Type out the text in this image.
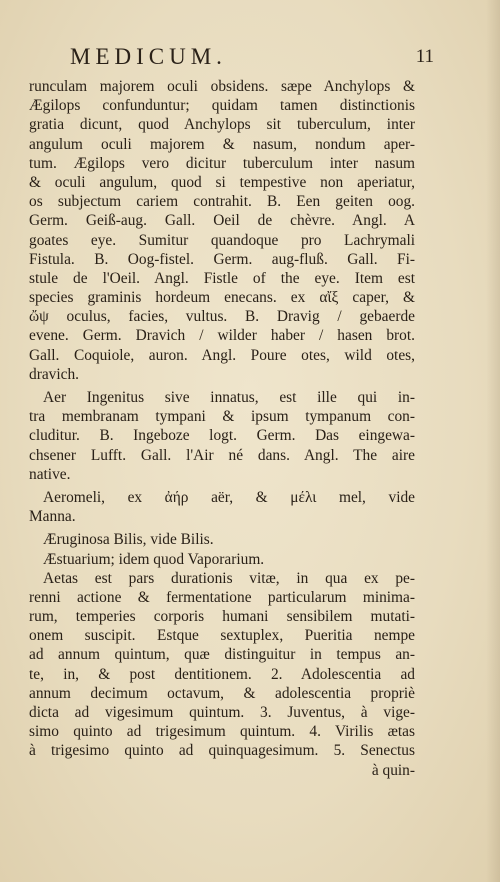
MEDICUM.	11
runculam majorem oculi obsidens. sæpe Anchylops &
Ægilops confunduntur; quidam tamen distinctionis
gratia dicunt, quod Anchylops sit tuberculum, inter
angulum oculi majorem & nasum, nondum aper-
tum. Ægilops vero dicitur tuberculum inter nasum
& oculi angulum, quod si tempestive non aperiatur,
os subjectum cariem contrahit. B. Een geiten oog.
Germ. Geiß-aug. Gall. Oeil de chèvre. Angl. A
goates eye. Sumitur quandoque pro Lachrymali
Fistula. B. Oog-fistel. Germ. aug-fluß. Gall. Fi-
stule de l'Oeil. Angl. Fistle of the eye. Item est
species graminis hordeum enecans. ex αἴξ caper, &
ὤψ oculus, facies, vultus. B. Dravig / gebaerde
evene. Germ. Dravich / wilder haber / hasen brot.
Gall. Coquiole, auron. Angl. Poure otes, wild otes,
dravich.
Aer Ingenitus sive innatus, est ille qui in-
tra membranam tympani & ipsum tympanum con-
cluditur. B. Ingeboze logt. Germ. Das eingewa-
chsener Lufft. Gall. l'Air né dans. Angl. The aire
native.
Aeromeli, ex ἀήρ aër, & μέλι mel, vide
Manna.
Æruginosa Bilis, vide Bilis.
Æstuarium; idem quod Vaporarium.
Aetas est pars durationis vitæ, in qua ex pe-
renni actione & fermentatione particularum minima-
rum, temperies corporis humani sensibilem mutati-
onem suscipit. Estque sextuplex, Pueritia nempe
ad annum quintum, quæ distinguitur in tempus an-
te, in, & post dentitionem. 2. Adolescentia ad
annum decimum octavum, & adolescentia propriè
dicta ad vigesimum quintum. 3. Juventus, à vige-
simo quinto ad trigesimum quintum. 4. Virilis ætas
à trigesimo quinto ad quinquagesimum. 5. Senectus
à quin-
